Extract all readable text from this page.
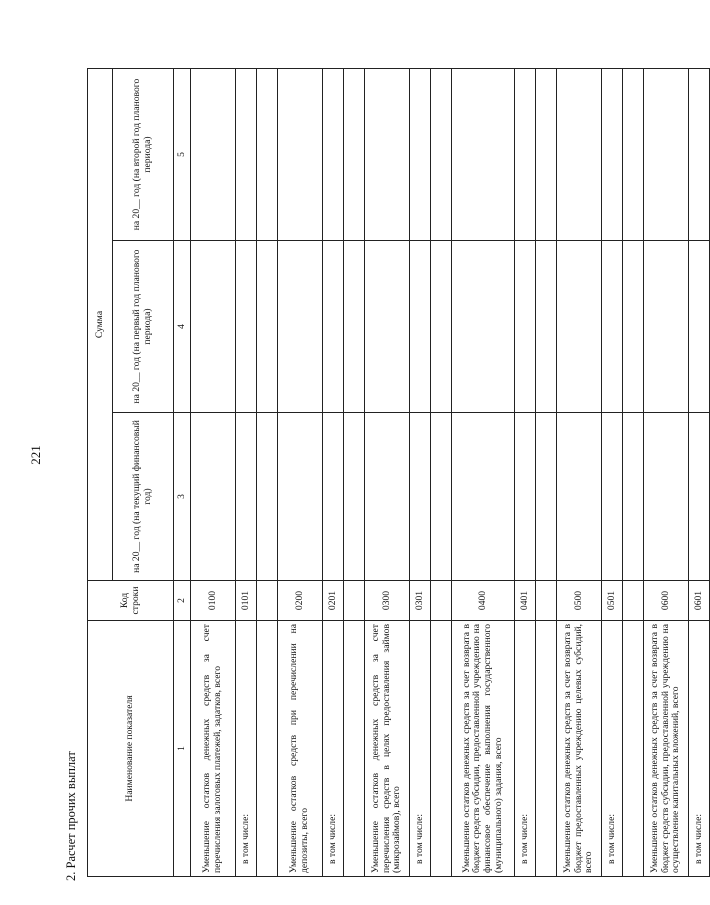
221
2. Расчет прочих выплат
Наименование показателя	Код строки	Сумма		
		на 20__ год (на текущий финансовый год)	на 20__ год (на первый год планового периода)	на 20__ год (на второй год планового периода)
1	2	3	4	5
Уменьшение остатков денежных средств за счет перечисления залоговых платежей, задатков, всего	0100			
в том числе:	0101			

Уменьшение остатков средств при перечислении на депозиты, всего	0200			
в том числе:	0201			

Уменьшение остатков денежных средств за счет перечисления средств в целях предоставления займов (микрозаймов), всего	0300			
в том числе:	0301			

Уменьшение остатков денежных средств за счет возврата в бюджет средств субсидии, предоставленной учреждению на финансовое обеспечение выполнения государственного (муниципального) задания, всего	0400			
в том числе:	0401			

Уменьшение остатков денежных средств за счет возврата в бюджет предоставленных учреждению целевых субсидий, всего	0500			
в том числе:	0501			

Уменьшение остатков денежных средств за счет возврата в бюджет средств субсидии, предоставленной учреждению на осуществление капитальных вложений, всего	0600			
в том числе:	0601			
